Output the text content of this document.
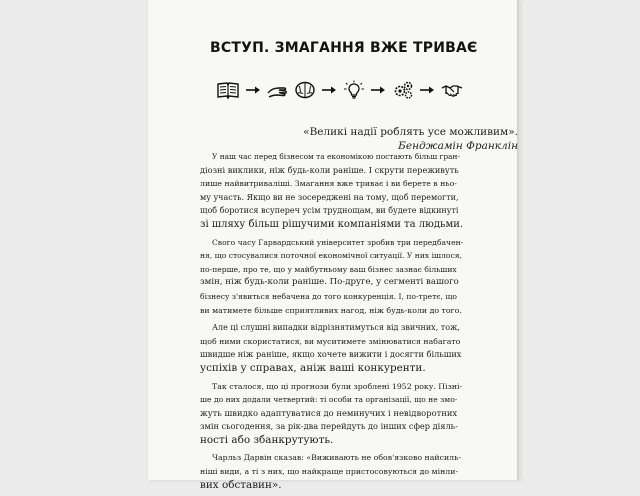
ВСТУП. ЗМАГАННЯ ВЖЕ ТРИВАЄ
«Великі надії роблять усе можливим».
Бенджамін Франклін

У наш час перед бізнесом та економікою постають більш гран-
діозні виклики, ніж будь-коли раніше. І скрути переживуть
лише найвитриваліші. Змагання вже триває і ви берете в ньо-
му участь. Якщо ви не зосереджені на тому, щоб перемогти,
щоб боротися всупереч усім труднощам, ви будете відкинуті
зі шляху більш рішучими компаніями та людьми.

Свого часу Гарвардський університет зробив три передбачен-
ня, що стосувалися поточної економічної ситуації. У них ішлося,
по-перше, про те, що у майбутньому ваш бізнес зазнає більших
змін, ніж будь-коли раніше. По-друге, у сегменті вашого
бізнесу з'явиться небачена до того конкуренція. І, по-третє, що
ви матимете більше сприятливих нагод, ніж будь-коли до того.

Але ці слушні випадки відрізнятимуться від звичних, тож,
щоб ними скористатися, ви муситимете змінюватися набагато
швидше ніж раніше, якщо хочете вижити і досягти більших
успіхів у справах, аніж ваші конкуренти.

Так сталося, що ці прогнози були зроблені 1952 року. Пізні-
ше до них додали четвертий: ті особи та організації, що не змо-
жуть швидко адаптуватися до неминучих і невідворотних
змін сьогодення, за рік-два перейдуть до інших сфер діяль-
ності або збанкрутують.

Чарльз Дарвін сказав: «Виживають не обов'язково найсиль-
ніші види, а ті з них, що найкраще пристосовуються до мінли-
вих обставин».
